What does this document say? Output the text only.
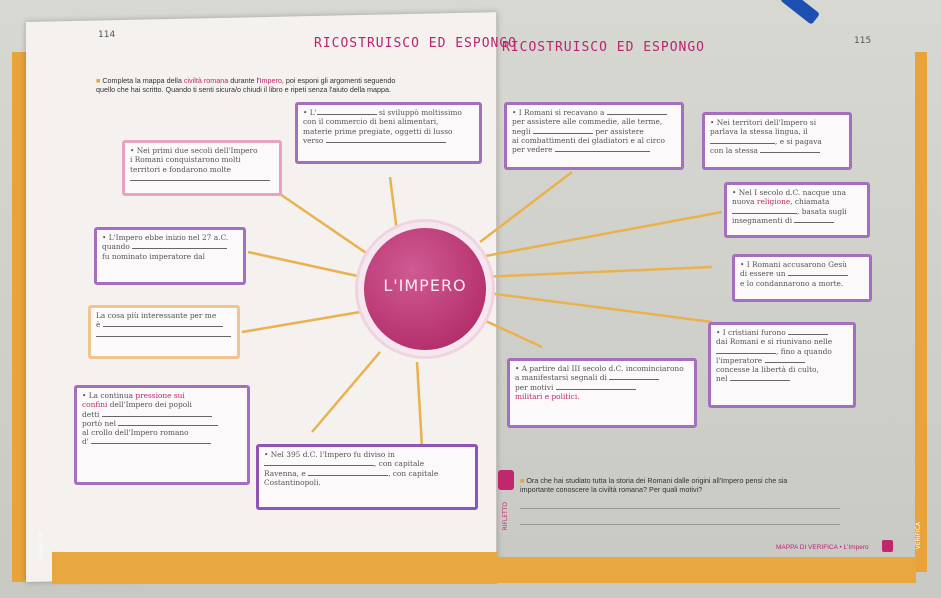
114
RICOSTRUISCO ED ESPONGO
■ Completa la mappa della civiltà romana durante l'Impero, poi esponi gli argomenti seguendo
quello che hai scritto. Quando ti senti sicura/o chiudi il libro e ripeti senza l'aiuto della mappa.
• L'	si sviluppò moltissimo
con il commercio di beni alimentari,
materie prime pregiate, oggetti di lusso
verso
• Nei primi due secoli dell'Impero
i Romani conquistarono molti
territori e fondarono molte

• L'Impero ebbe inizio nel 27 a.C.
quando
fu nominato imperatore dal
La cosa più interessante per me
è

• La continua pressione sui
confini dell'Impero dei popoli
detti
portò nel
al crollo dell'Impero romano
d'
• Nel 395 d.C. l'Impero fu diviso in
, con capitale
Ravenna, e	, con capitale
Costantinopoli.
L'IMPERO
VERIFICA
115
RICOSTRUISCO ED ESPONGO
• I Romani si recavano a
per assistere alle commedie, alle terme,
negli	per assistere
ai combattimenti dei gladiatori e al circo
per vedere
• Nei territori dell'Impero si
parlava la stessa lingua, il
, e si pagava
con la stessa
• Nel I secolo d.C. nacque una
nuova religione, chiamata
, basata sugli
insegnamenti di
• I Romani accusarono Gesù
di essere un
e lo condannarono a morte.
• I cristiani furono
dai Romani e si riunivano nelle
, fino a quando
l'imperatore
concesse la libertà di culto,
nel
• A partire dal III secolo d.C. incominciarono
a manifestarsi segnali di
per motivi
militari e politici.
RIFLETTO
■ Ora che hai studiato tutta la storia dei Romani dalle origini all'Impero pensi che sia
importante conoscere la civiltà romana? Per quali motivi?
MAPPA DI VERIFICA • L'Impero	VERIFICA
